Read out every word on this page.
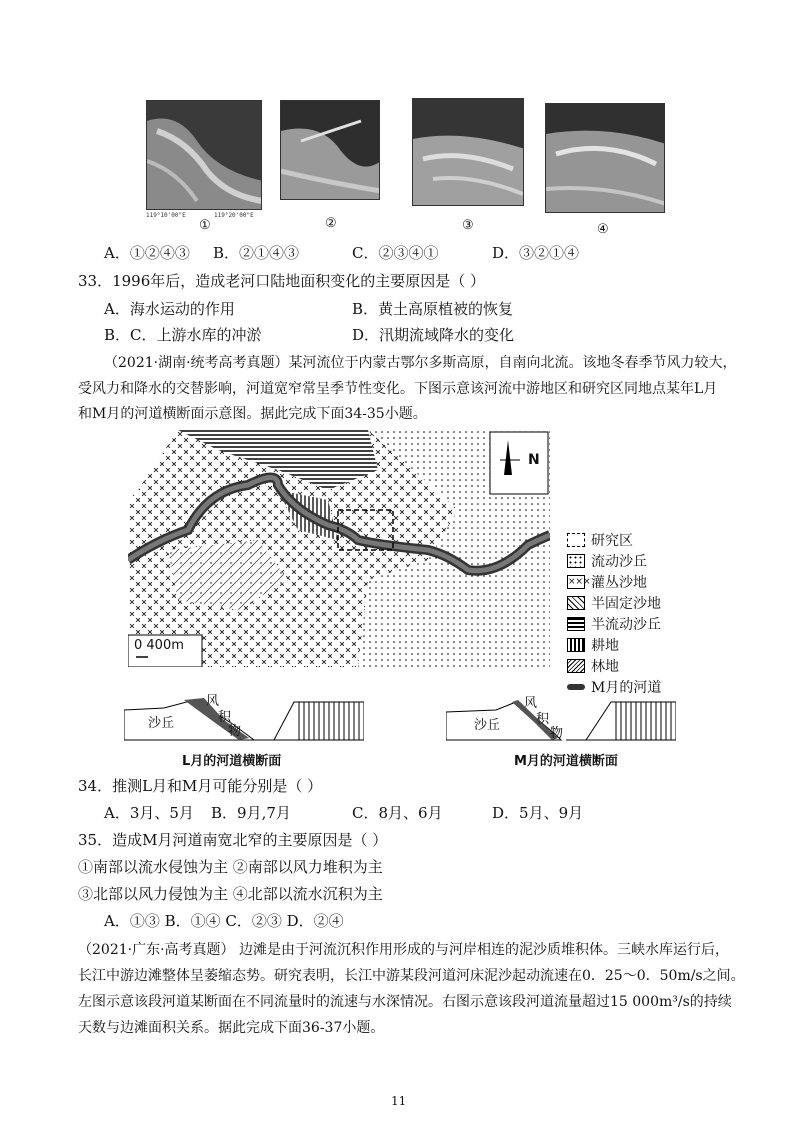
119°10'00"E	119°20'00"E
①	②	③	④
A．①②④③ B．②①④③	C．②③④①	D．③②①④
33．1996年后，造成老河口陆地面积变化的主要原因是（ ）
A．海水运动的作用	B．黄土高原植被的恢复
B．C．上游水库的冲淤	D．汛期流域降水的变化
（2021·湖南·统考高考真题）某河流位于内蒙古鄂尔多斯高原，自南向北流。该地冬春季节风力较大，
受风力和降水的交替影响，河道宽窄常呈季节性变化。下图示意该河流中游地区和研究区同地点某年L月
和M月的河道横断面示意图。据此完成下面34-35小题。
N
0 400m
研究区
流动沙丘
××× 灌丛沙地
半固定沙地
半流动沙丘
耕地
林地
M月的河道
沙丘
风
积
物
L月的河道横断面
沙丘
风
积
物
M月的河道横断面
34．推测L月和M月可能分别是（ ）
A．3月、5月 B．9月,7月	C．8月、6月	D．5月、9月
35．造成M月河道南宽北窄的主要原因是（ ）
①南部以流水侵蚀为主 ②南部以风力堆积为主
③北部以风力侵蚀为主 ④北部以流水沉积为主
A．①③ B．①④ C．②③ D．②④
（2021·广东·高考真题） 边滩是由于河流沉积作用形成的与河岸相连的泥沙质堆积体。三峡水库运行后，
长江中游边滩整体呈萎缩态势。研究表明，长江中游某段河道河床泥沙起动流速在0．25～0．50m/s之间。
左图示意该段河道某断面在不同流量时的流速与水深情况。右图示意该段河道流量超过15 000m³/s的持续
天数与边滩面积关系。据此完成下面36-37小题。
11
